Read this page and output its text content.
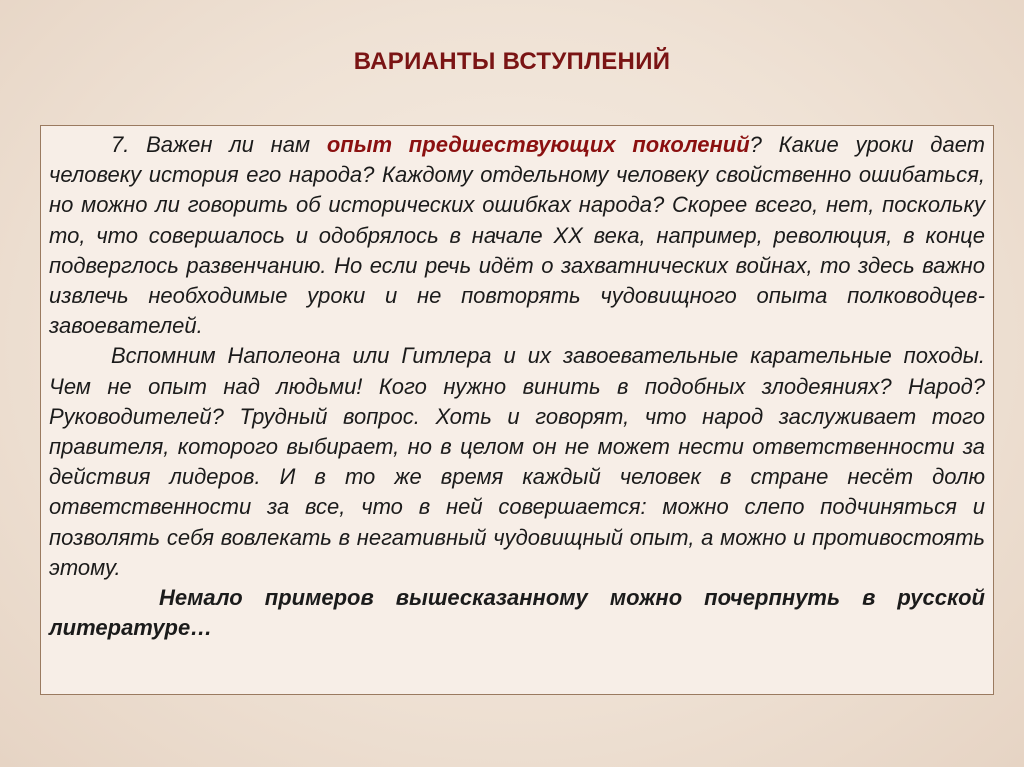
ВАРИАНТЫ ВСТУПЛЕНИЙ

7. Важен ли нам опыт предшествующих поколений? Какие уроки дает человеку история его народа? Каждому отдельному человеку свойственно ошибаться, но можно ли говорить об исторических ошибках народа? Скорее всего, нет, поскольку то, что совершалось и одобрялось в начале XX века, например, революция, в конце подверглось развенчанию. Но если речь идёт о захватнических войнах, то здесь важно извлечь необходимые уроки и не повторять чудовищного опыта полководцев-завоевателей.

Вспомним Наполеона или Гитлера и их завоевательные карательные походы. Чем не опыт над людьми! Кого нужно винить в подобных злодеяниях? Народ? Руководителей? Трудный вопрос. Хоть и говорят, что народ заслуживает того правителя, которого выбирает, но в целом он не может нести ответственности за действия лидеров. И в то же время каждый человек в стране несёт долю ответственности за все, что в ней совершается: можно слепо подчиняться и позволять себя вовлекать в негативный чудовищный опыт, а можно и противостоять этому.

Немало примеров вышесказанному можно почерпнуть в русской литературе…
